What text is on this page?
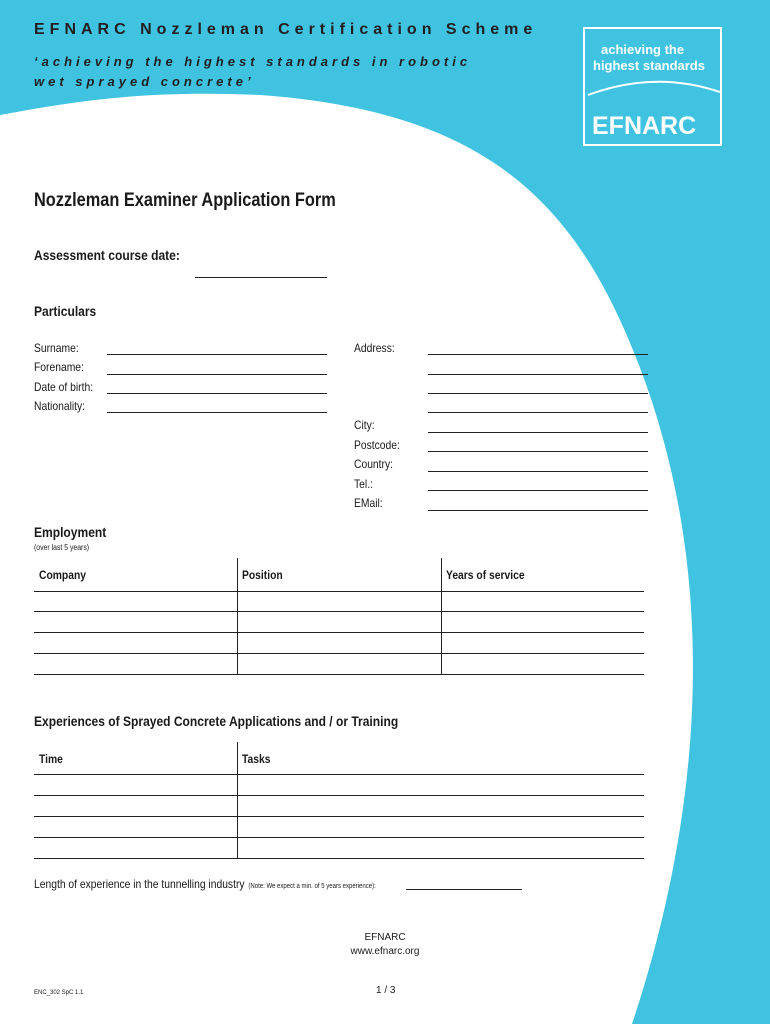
EFNARC Nozzleman Certification Scheme
‘achieving the highest standards in robotic
wet sprayed concrete’
achieving the
highest standards
EFNARC
Nozzleman Examiner Application Form
Assessment course date:
Particulars
Surname:
Forename:
Date of birth:
Nationality:
Address:
City:
Postcode:
Country:
Tel.:
EMail:
Employment
(over last 5 years)
Company	Position	Years of service
Experiences of Sprayed Concrete Applications and / or Training
Time	Tasks
Length of experience in the tunnelling industry (Note: We expect a min. of 5 years experience):
EFNARC
www.efnarc.org
ENC_302 SpC 1.1	1 / 3
